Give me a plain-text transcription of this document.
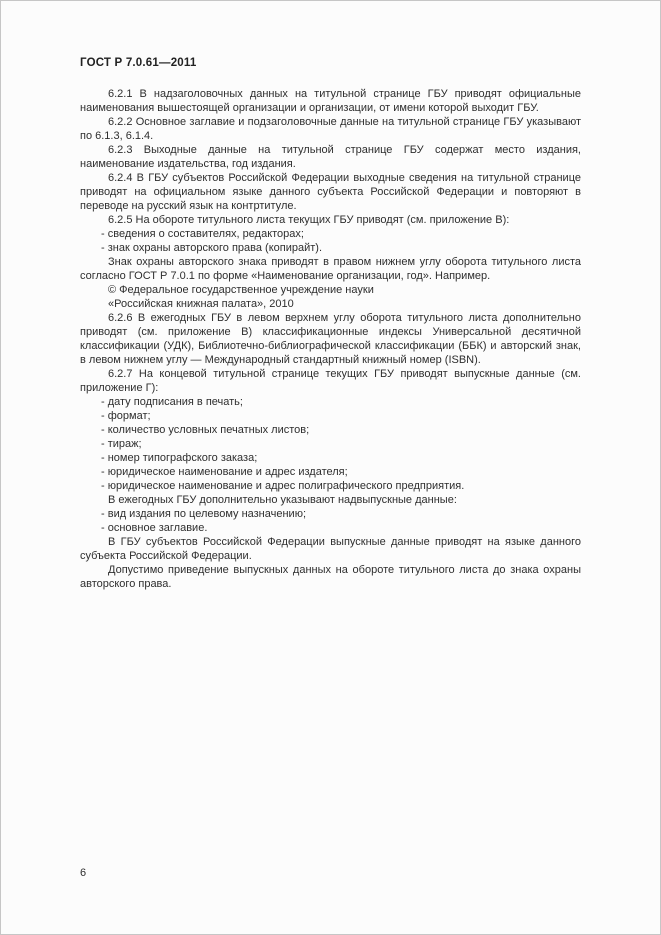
ГОСТ Р 7.0.61—2011
6.2.1 В надзаголовочных данных на титульной странице ГБУ приводят официальные наименования вышестоящей организации и организации, от имени которой выходит ГБУ.
6.2.2 Основное заглавие и подзаголовочные данные на титульной странице ГБУ указывают по 6.1.3, 6.1.4.
6.2.3 Выходные данные на титульной странице ГБУ содержат место издания, наименование издательства, год издания.
6.2.4 В ГБУ субъектов Российской Федерации выходные сведения на титульной странице приводят на официальном языке данного субъекта Российской Федерации и повторяют в переводе на русский язык на контртитуле.
6.2.5 На обороте титульного листа текущих ГБУ приводят (см. приложение В):
- сведения о составителях, редакторах;
- знак охраны авторского права (копирайт).
Знак охраны авторского знака приводят в правом нижнем углу оборота титульного листа согласно ГОСТ Р 7.0.1 по форме «Наименование организации, год». Например.
© Федеральное государственное учреждение науки
«Российская книжная палата», 2010
6.2.6 В ежегодных ГБУ в левом верхнем углу оборота титульного листа дополнительно приводят (см. приложение В) классификационные индексы Универсальной десятичной классификации (УДК), Библиотечно-библиографической классификации (ББК) и авторский знак, в левом нижнем углу — Международный стандартный книжный номер (ISBN).
6.2.7 На концевой титульной странице текущих ГБУ приводят выпускные данные (см. приложение Г):
- дату подписания в печать;
- формат;
- количество условных печатных листов;
- тираж;
- номер типографского заказа;
- юридическое наименование и адрес издателя;
- юридическое наименование и адрес полиграфического предприятия.
В ежегодных ГБУ дополнительно указывают надвыпускные данные:
- вид издания по целевому назначению;
- основное заглавие.
В ГБУ субъектов Российской Федерации выпускные данные приводят на языке данного субъекта Российской Федерации.
Допустимо приведение выпускных данных на обороте титульного листа до знака охраны авторского права.
6
